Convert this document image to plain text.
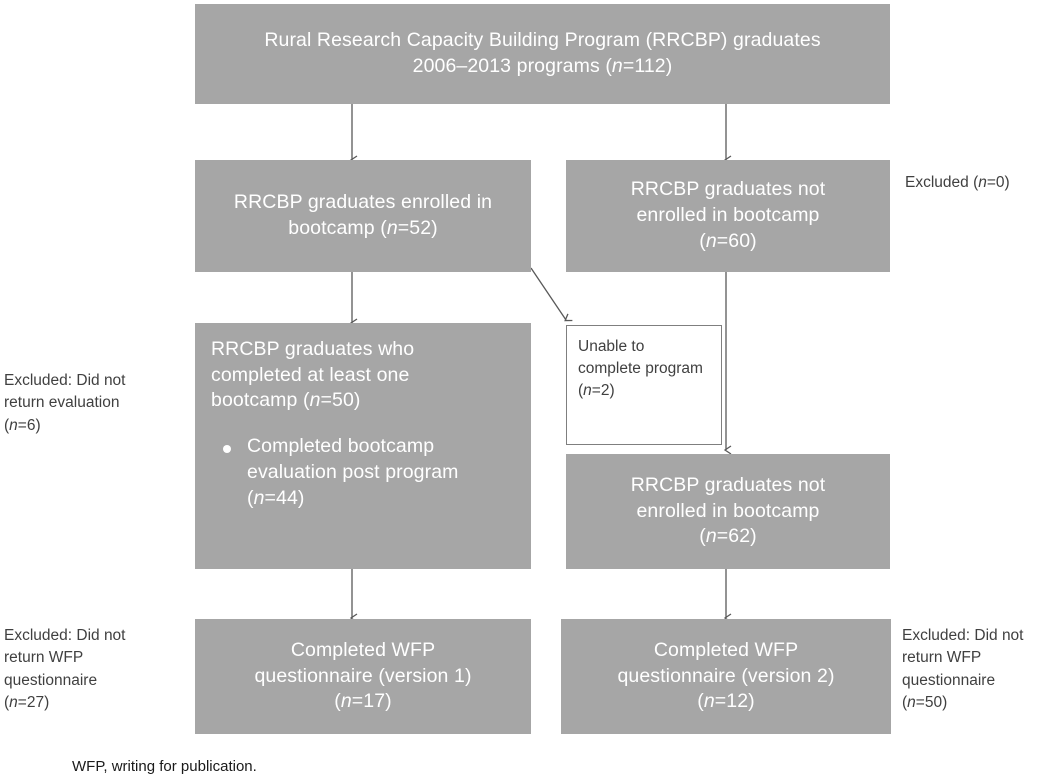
Rural Research Capacity Building Program (RRCBP) graduates
2006–2013 programs (n=112)
RRCBP graduates enrolled in
bootcamp (n=52)
RRCBP graduates not
enrolled in bootcamp
(n=60)
RRCBP graduates who
completed at least one
bootcamp (n=50)
Completed bootcamp
evaluation post program
(n=44)
Unable to complete program (n=2)
RRCBP graduates not
enrolled in bootcamp
(n=62)
Completed WFP
questionnaire (version 1)
(n=17)
Completed WFP
questionnaire (version 2)
(n=12)
Excluded (n=0)
Excluded: Did not
return evaluation
(n=6)
Excluded: Did not
return WFP
questionnaire
(n=27)
Excluded: Did not
return WFP
questionnaire
(n=50)
WFP, writing for publication.
